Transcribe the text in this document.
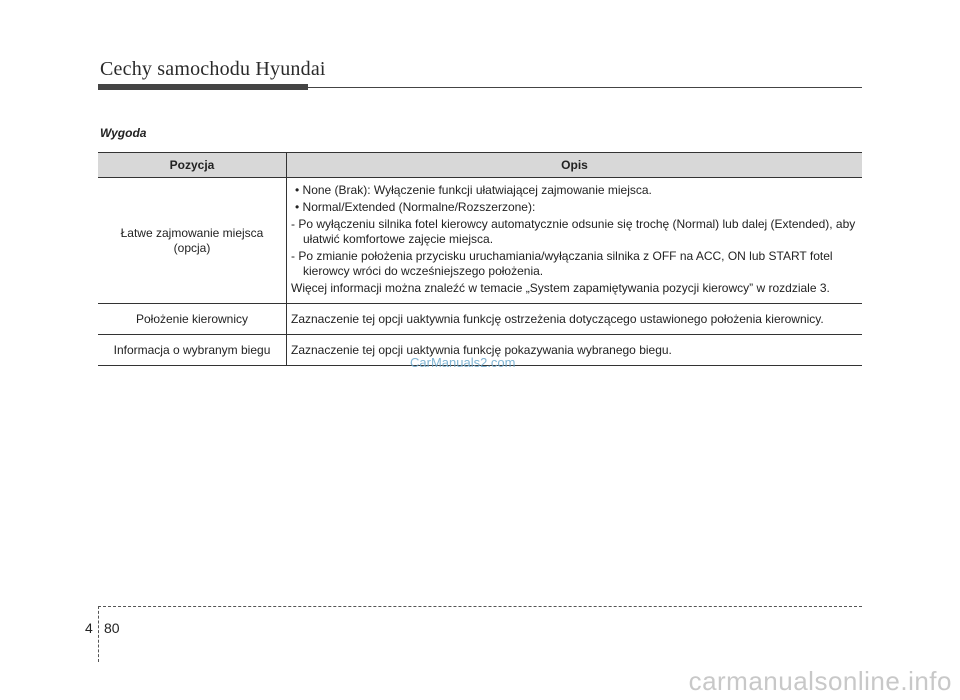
Cechy samochodu Hyundai
Wygoda
Pozycja	Opis
Łatwe zajmowanie miejsca (opcja)	• None (Brak): Wyłączenie funkcji ułatwiającej zajmowanie miejsca.

• Normal/Extended (Normalne/Rozszerzone):

- Po wyłączeniu silnika fotel kierowcy automatycznie odsunie się trochę (Normal) lub dalej (Extended), aby ułatwić komfortowe zajęcie miejsca.

- Po zmianie położenia przycisku uruchamiania/wyłączania silnika z OFF na ACC, ON lub START fotel kierowcy wróci do wcześniejszego położenia.

Więcej informacji można znaleźć w temacie „System zapamiętywania pozycji kierowcy” w rozdziale 3.

Położenie kierownicy	Zaznaczenie tej opcji uaktywnia funkcję ostrzeżenia dotyczącego ustawionego położenia kierownicy.
Informacja o wybranym biegu	Zaznaczenie tej opcji uaktywnia funkcję pokazywania wybranego biegu.
CarManuals2.com
4 80
carmanualsonline.info
